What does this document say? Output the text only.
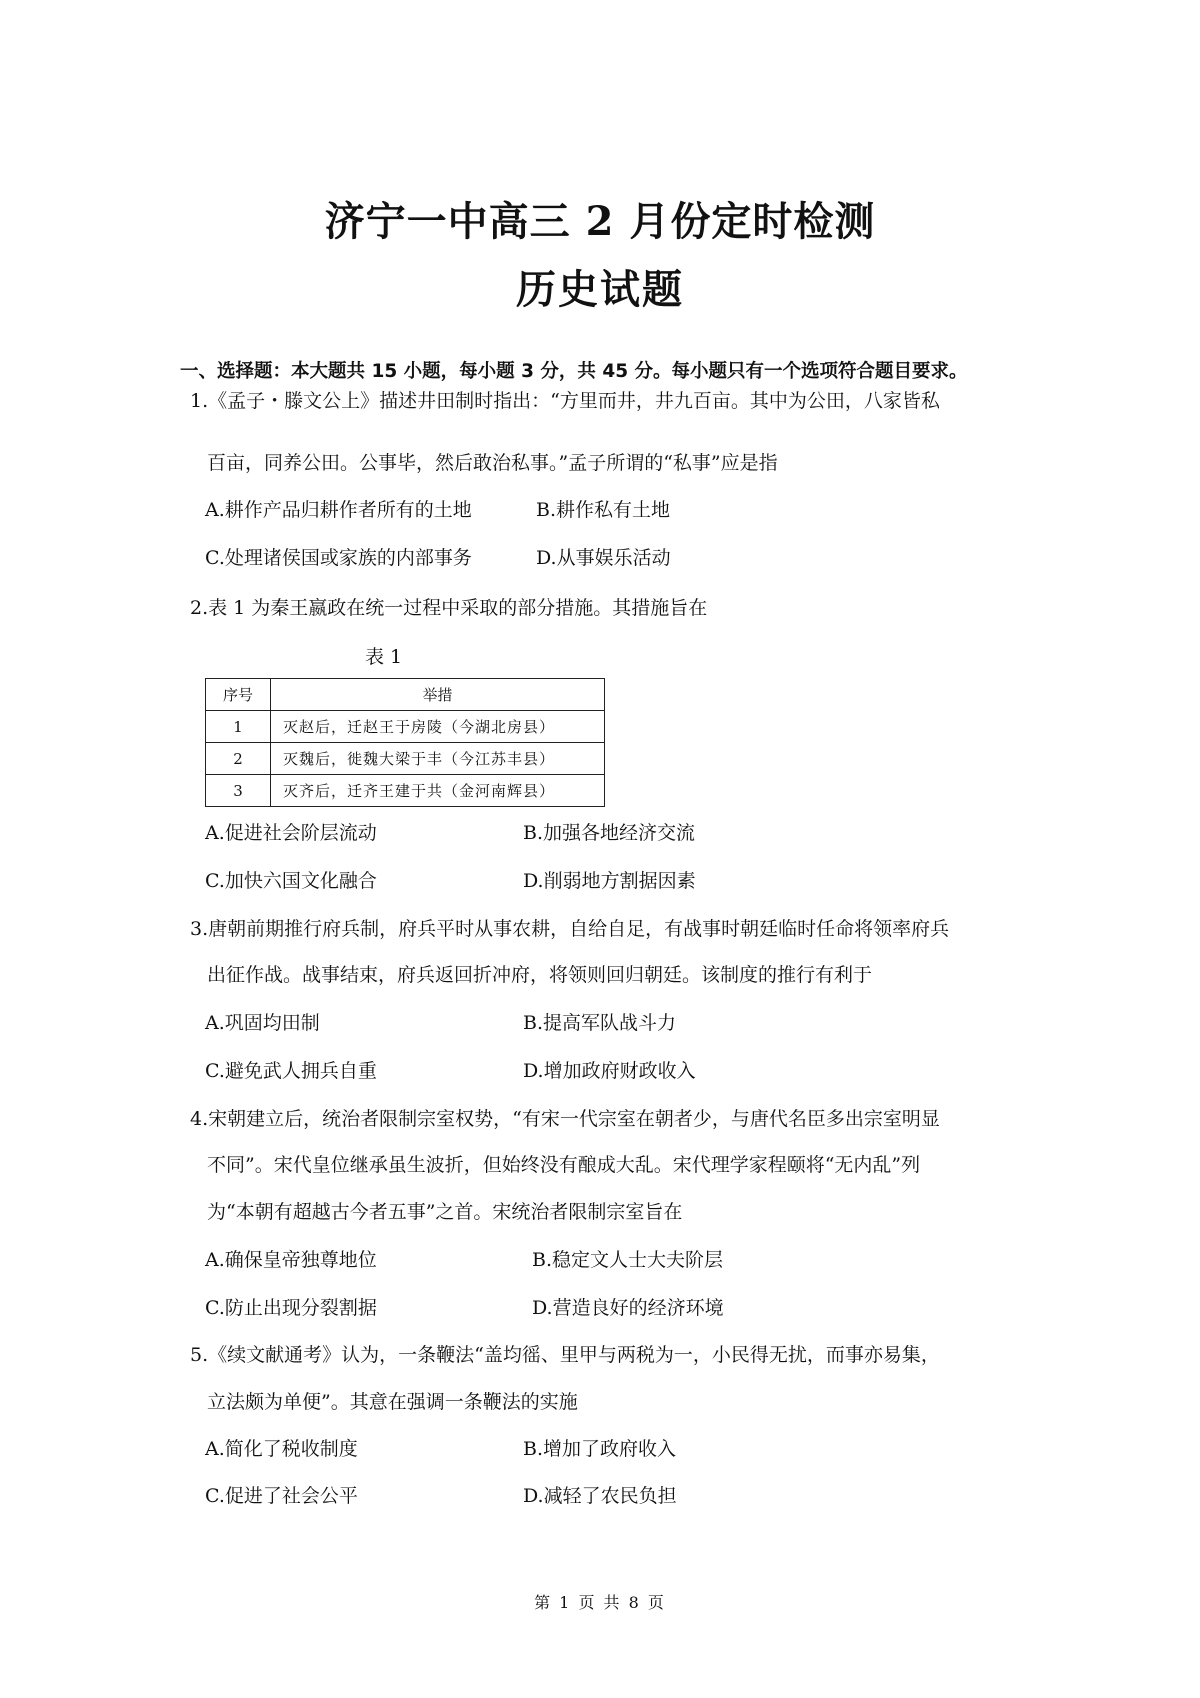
济宁一中高三 2 月份定时检测
历史试题
一、选择题：本大题共 15 小题，每小题 3 分，共 45 分。每小题只有一个选项符合题目要求。
1.《孟子・滕文公上》描述井田制时指出：“方里而井，井九百亩。其中为公田，八家皆私
百亩，同养公田。公事毕，然后敢治私事。”孟子所谓的“私事”应是指
A.耕作产品归耕作者所有的土地	B.耕作私有土地
C.处理诸侯国或家族的内部事务	D.从事娱乐活动
2.表 1 为秦王嬴政在统一过程中采取的部分措施。其措施旨在
表 1
序号	举措
1	灭赵后，迁赵王于房陵（今湖北房县）
2	灭魏后，徙魏大梁于丰（今江苏丰县）
3	灭齐后，迁齐王建于共（金河南辉县）
A.促进社会阶层流动	B.加强各地经济交流
C.加快六国文化融合	D.削弱地方割据因素
3.唐朝前期推行府兵制，府兵平时从事农耕，自给自足，有战事时朝廷临时任命将领率府兵
出征作战。战事结束，府兵返回折冲府，将领则回归朝廷。该制度的推行有利于
A.巩固均田制	B.提高军队战斗力
C.避免武人拥兵自重	D.增加政府财政收入
4.宋朝建立后，统治者限制宗室权势，“有宋一代宗室在朝者少，与唐代名臣多出宗室明显
不同”。宋代皇位继承虽生波折，但始终没有酿成大乱。宋代理学家程颐将“无内乱”列
为“本朝有超越古今者五事”之首。宋统治者限制宗室旨在
A.确保皇帝独尊地位	B.稳定文人士大夫阶层
C.防止出现分裂割据	D.营造良好的经济环境
5.《续文献通考》认为，一条鞭法“盖均徭、里甲与两税为一，小民得无扰，而事亦易集，
立法颇为单便”。其意在强调一条鞭法的实施
A.简化了税收制度	B.增加了政府收入
C.促进了社会公平	D.减轻了农民负担
第 1 页 共 8 页
